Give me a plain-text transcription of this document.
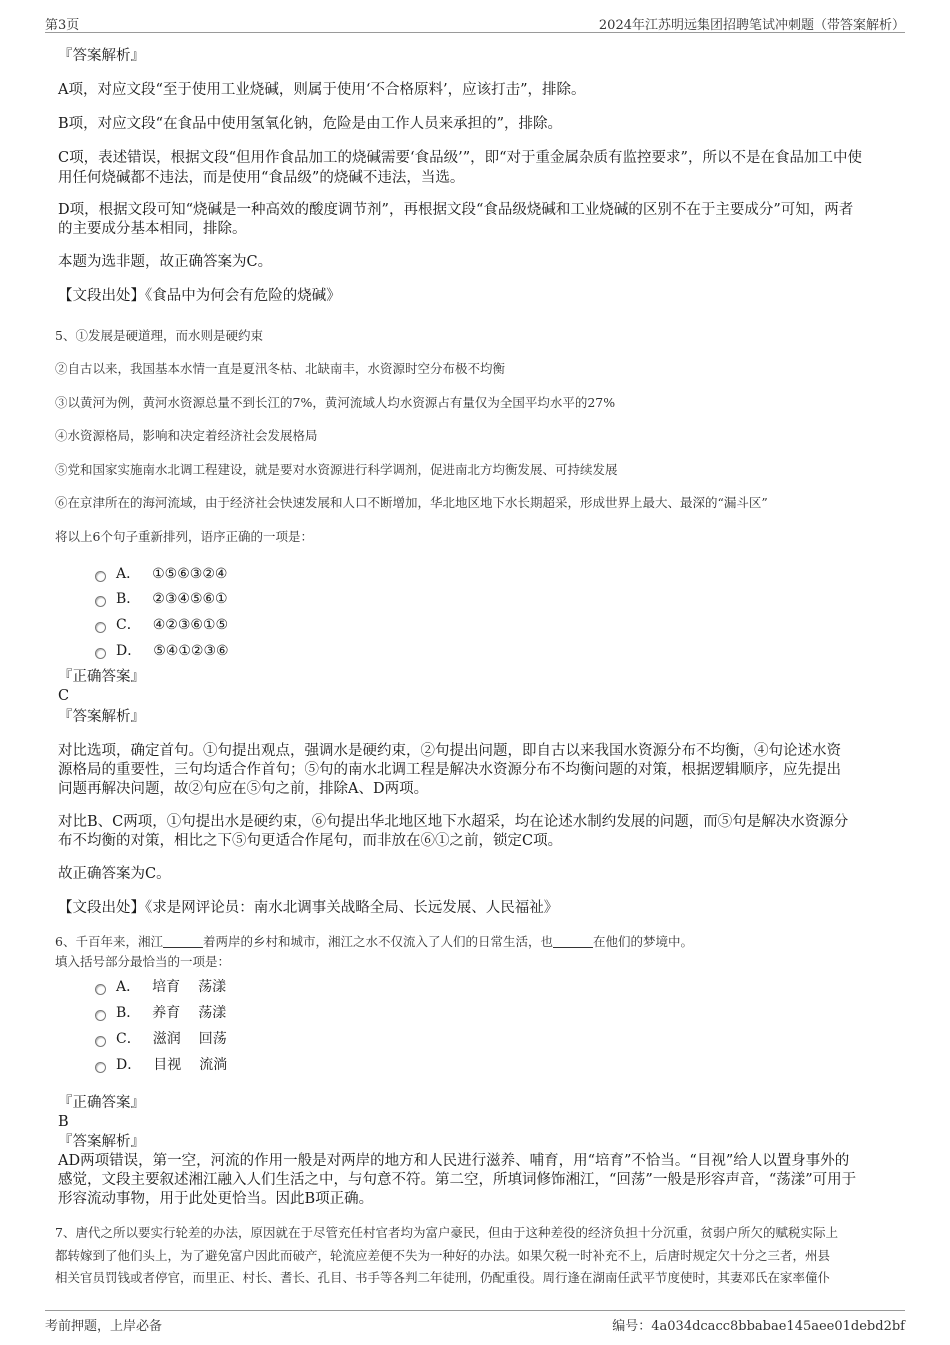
第3页	2024年江苏明远集团招聘笔试冲刺题（带答案解析）
『答案解析』
A项，对应文段“至于使用工业烧碱，则属于使用‘不合格原料’，应该打击”，排除。
B项，对应文段“在食品中使用氢氧化钠，危险是由工作人员来承担的”，排除。
C项，表述错误，根据文段“但用作食品加工的烧碱需要‘食品级’”，即“对于重金属杂质有监控要求”，所以不是在食品加工中使
用任何烧碱都不违法，而是使用“食品级”的烧碱不违法，当选。
D项，根据文段可知“烧碱是一种高效的酸度调节剂”，再根据文段“食品级烧碱和工业烧碱的区别不在于主要成分”可知，两者
的主要成分基本相同，排除。
本题为选非题，故正确答案为C。
【文段出处】《食品中为何会有危险的烧碱》
5、①发展是硬道理，而水则是硬约束
②自古以来，我国基本水情一直是夏汛冬枯、北缺南丰，水资源时空分布极不均衡
③以黄河为例，黄河水资源总量不到长江的7%，黄河流域人均水资源占有量仅为全国平均水平的27%
④水资源格局，影响和决定着经济社会发展格局
⑤党和国家实施南水北调工程建设，就是要对水资源进行科学调剂，促进南北方均衡发展、可持续发展
⑥在京津所在的海河流域，由于经济社会快速发展和人口不断增加，华北地区地下水长期超采，形成世界上最大、最深的“漏斗区”
将以上6个句子重新排列，语序正确的一项是：
A． ①⑤⑥③②④
B． ②③④⑤⑥①
C． ④②③⑥①⑤
D． ⑤④①②③⑥
『正确答案』
C
『答案解析』
对比选项，确定首句。①句提出观点，强调水是硬约束，②句提出问题，即自古以来我国水资源分布不均衡，④句论述水资
源格局的重要性，三句均适合作首句；⑤句的南水北调工程是解决水资源分布不均衡问题的对策，根据逻辑顺序，应先提出
问题再解决问题，故②句应在⑤句之前，排除A、D两项。
对比B、C两项，①句提出水是硬约束，⑥句提出华北地区地下水超采，均在论述水制约发展的问题，而⑤句是解决水资源分
布不均衡的对策，相比之下⑤句更适合作尾句，而非放在⑥①之前，锁定C项。
故正确答案为C。
【文段出处】《求是网评论员：南水北调事关战略全局、长远发展、人民福祉》
6、千百年来，湘江	着两岸的乡村和城市，湘江之水不仅流入了人们的日常生活，也	在他们的梦境中。
填入括号部分最恰当的一项是：
A． 培育 荡漾
B． 养育 荡漾
C． 滋润 回荡
D． 目视 流淌
『正确答案』
B
『答案解析』
AD两项错误，第一空，河流的作用一般是对两岸的地方和人民进行滋养、哺育，用“培育”不恰当。“目视”给人以置身事外的
感觉，文段主要叙述湘江融入人们生活之中，与句意不符。第二空，所填词修饰湘江，“回荡”一般是形容声音，“荡漾”可用于
形容流动事物，用于此处更恰当。因此B项正确。
7、唐代之所以要实行轮差的办法，原因就在于尽管充任村官者均为富户豪民，但由于这种差役的经济负担十分沉重，贫弱户所欠的赋税实际上
都转嫁到了他们头上，为了避免富户因此而破产，轮流应差便不失为一种好的办法。如果欠税一时补充不上，后唐时规定欠十分之三者，州县
相关官员罚钱或者停官，而里正、村长、耆长、孔目、书手等各判二年徒刑，仍配重役。周行逢在湖南任武平节度使时，其妻邓氏在家率僮仆
考前押题，上岸必备	编号：4a034dcacc8bbabae145aee01debd2bf
